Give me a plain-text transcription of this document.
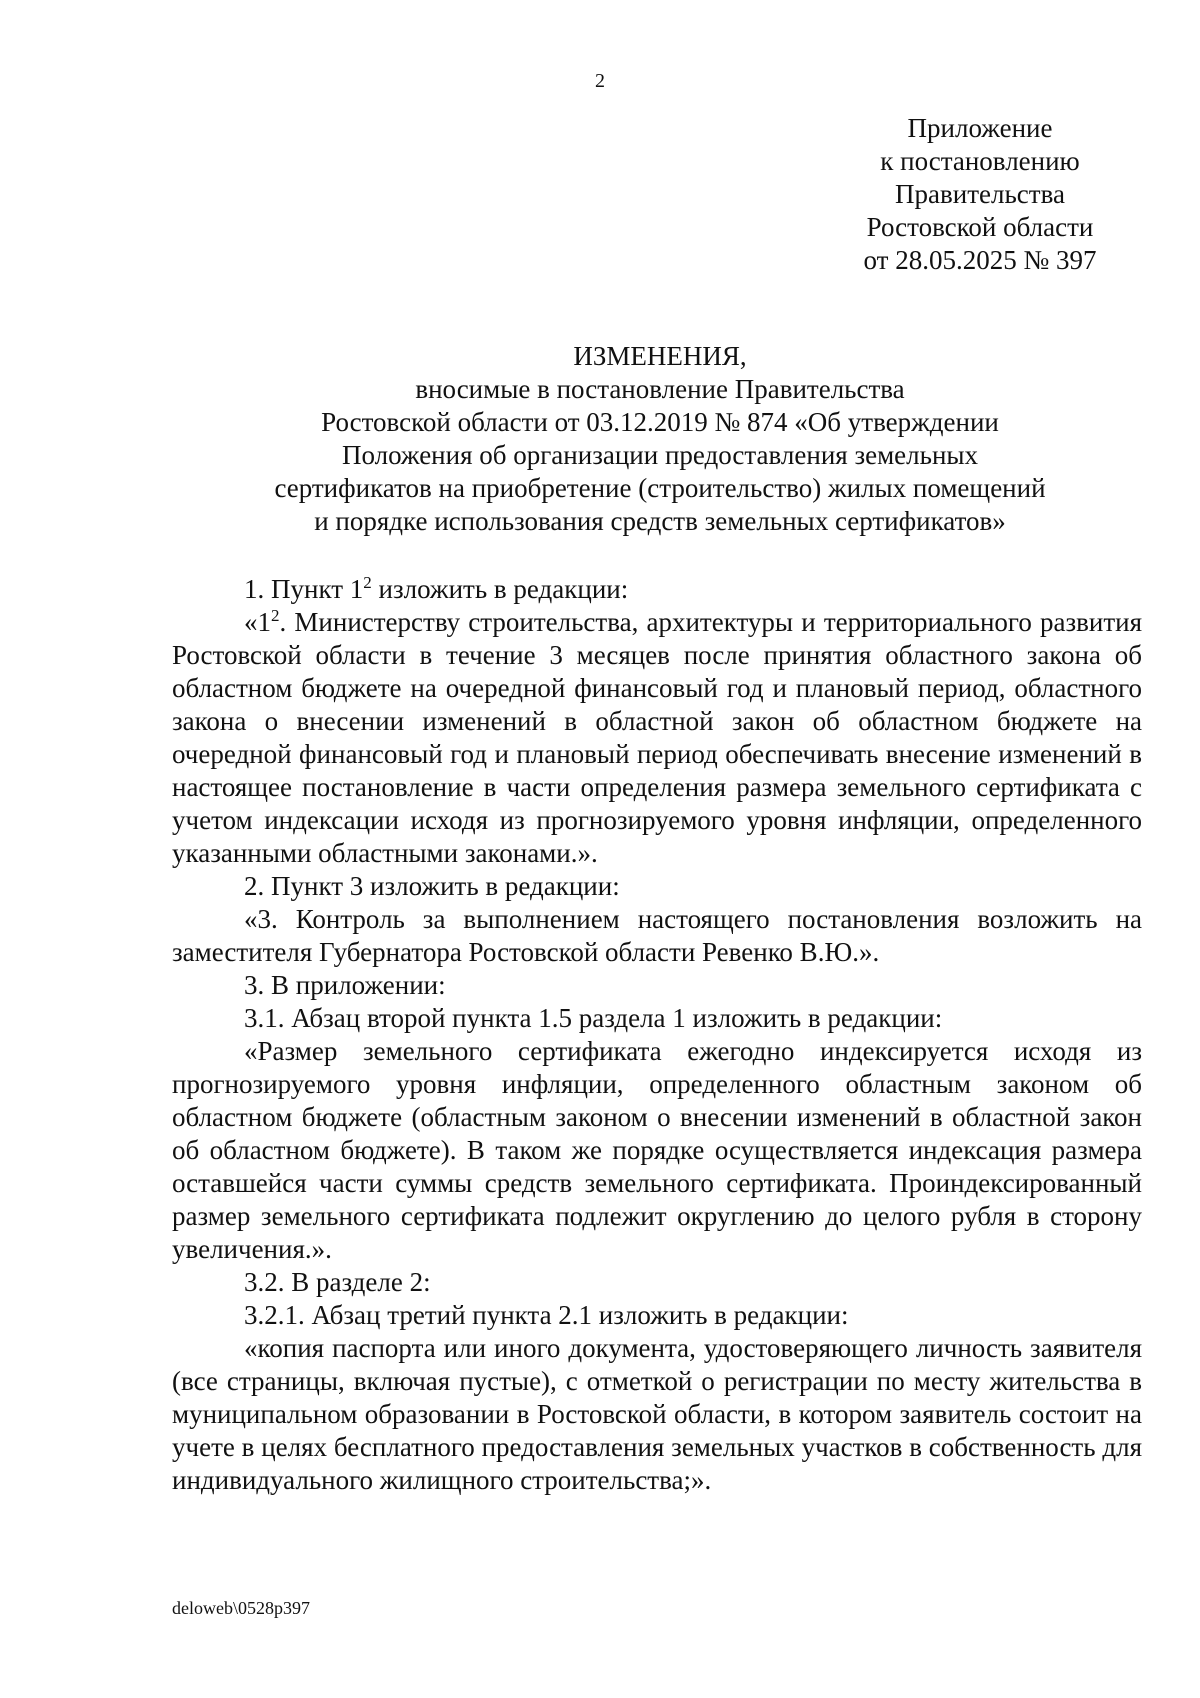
2
Приложение
к постановлению
Правительства
Ростовской области
от 28.05.2025 № 397
ИЗМЕНЕНИЯ,
вносимые в постановление Правительства
Ростовской области от 03.12.2019 № 874 «Об утверждении
Положения об организации предоставления земельных
сертификатов на приобретение (строительство) жилых помещений
и порядке использования средств земельных сертификатов»

1. Пункт $1^2$ изложить в редакции:

«$1^2$. Министерству строительства, архитектуры и территориального развития Ростовской области в течение 3 месяцев после принятия областного закона об областном бюджете на очередной финансовый год и плановый период, областного закона о внесении изменений в областной закон об областном бюджете на очередной финансовый год и плановый период обеспечивать внесение изменений в настоящее постановление в части определения размера земельного сертификата с учетом индексации исходя из прогнозируемого уровня инфляции, определенного указанными областными законами.».

2. Пункт 3 изложить в редакции:

«3. Контроль за выполнением настоящего постановления возложить на заместителя Губернатора Ростовской области Ревенко В.Ю.».

3. В приложении:

3.1. Абзац второй пункта 1.5 раздела 1 изложить в редакции:

«Размер земельного сертификата ежегодно индексируется исходя из прогнозируемого уровня инфляции, определенного областным законом об областном бюджете (областным законом о внесении изменений в областной закон об областном бюджете). В таком же порядке осуществляется индексация размера оставшейся части суммы средств земельного сертификата. Проиндексированный размер земельного сертификата подлежит округлению до целого рубля в сторону увеличения.».

3.2. В разделе 2:

3.2.1. Абзац третий пункта 2.1 изложить в редакции:

«копия паспорта или иного документа, удостоверяющего личность заявителя (все страницы, включая пустые), с отметкой о регистрации по месту жительства в муниципальном образовании в Ростовской области, в котором заявитель состоит на учете в целях бесплатного предоставления земельных участков в собственность для индивидуального жилищного строительства;».

deloweb\0528p397
